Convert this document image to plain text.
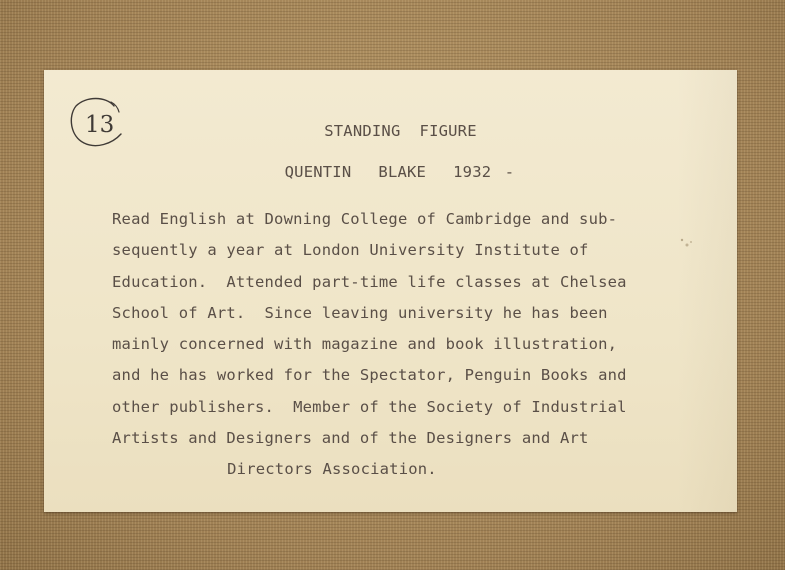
13	STANDING  FIGURE
QUENTIN  BLAKE  1932 -
Read English at Downing College of Cambridge and sub-
sequently a year at London University Institute of
Education.  Attended part-time life classes at Chelsea
School of Art.  Since leaving university he has been
mainly concerned with magazine and book illustration,
and he has worked for the Spectator, Penguin Books and
other publishers.  Member of the Society of Industrial
Artists and Designers and of the Designers and Art
Directors Association.
